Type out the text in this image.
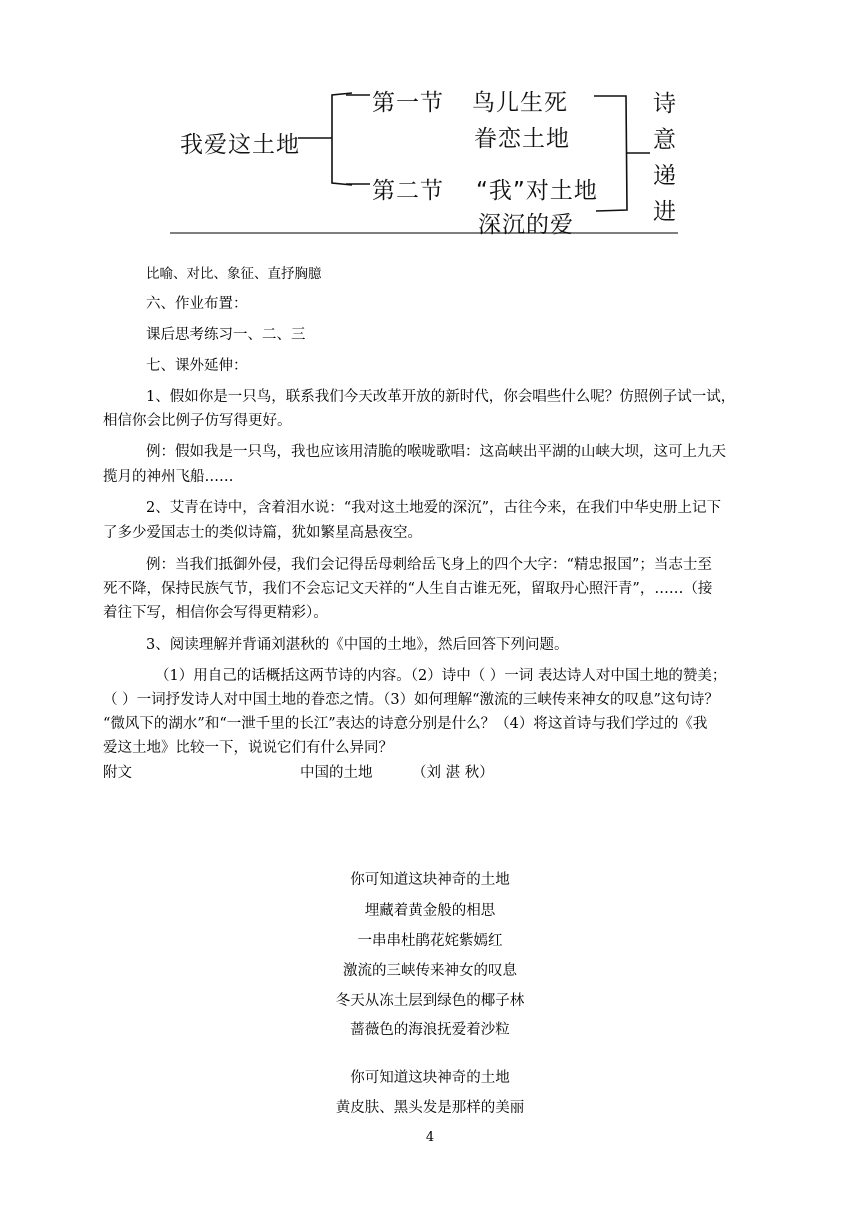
我爱这土地
第一节 鸟儿生死
眷恋土地
第二节 “我”对土地
深沉的爱
诗
意
递
进
比喻、对比、象征、直抒胸臆
六、作业布置：
课后思考练习一、二、三
七、课外延伸：
1、假如你是一只鸟，联系我们今天改革开放的新时代，你会唱些什么呢？仿照例子试一试，
相信你会比例子仿写得更好。
例：假如我是一只鸟，我也应该用清脆的喉咙歌唱：这高峡出平湖的山峡大坝，这可上九天
揽月的神州飞船……
2、艾青在诗中，含着泪水说：“我对这土地爱的深沉”，古往今来，在我们中华史册上记下
了多少爱国志士的类似诗篇，犹如繁星高悬夜空。
例：当我们抵御外侵，我们会记得岳母刺给岳飞身上的四个大字：“精忠报国”；当志士至
死不降，保持民族气节，我们不会忘记文天祥的“人生自古谁无死，留取丹心照汗青”，……（接
着往下写，相信你会写得更精彩）。
3、阅读理解并背诵刘湛秋的《中国的土地》，然后回答下列问题。
（1）用自己的话概括这两节诗的内容。（2）诗中（ ）一词 表达诗人对中国土地的赞美；
（ ）一词抒发诗人对中国土地的眷恋之情。（3）如何理解“激流的三峡传来神女的叹息”这句诗？
“微风下的湖水”和“一泄千里的长江”表达的诗意分别是什么？（4）将这首诗与我们学过的《我
爱这土地》比较一下，说说它们有什么异同？
附文	中国的土地	（刘 湛 秋）
你可知道这块神奇的土地
埋藏着黄金般的相思
一串串杜鹃花姹紫嫣红
激流的三峡传来神女的叹息
冬天从冻土层到绿色的椰子林
蔷薇色的海浪抚爱着沙粒
你可知道这块神奇的土地
黄皮肤、黑头发是那样的美丽
4
